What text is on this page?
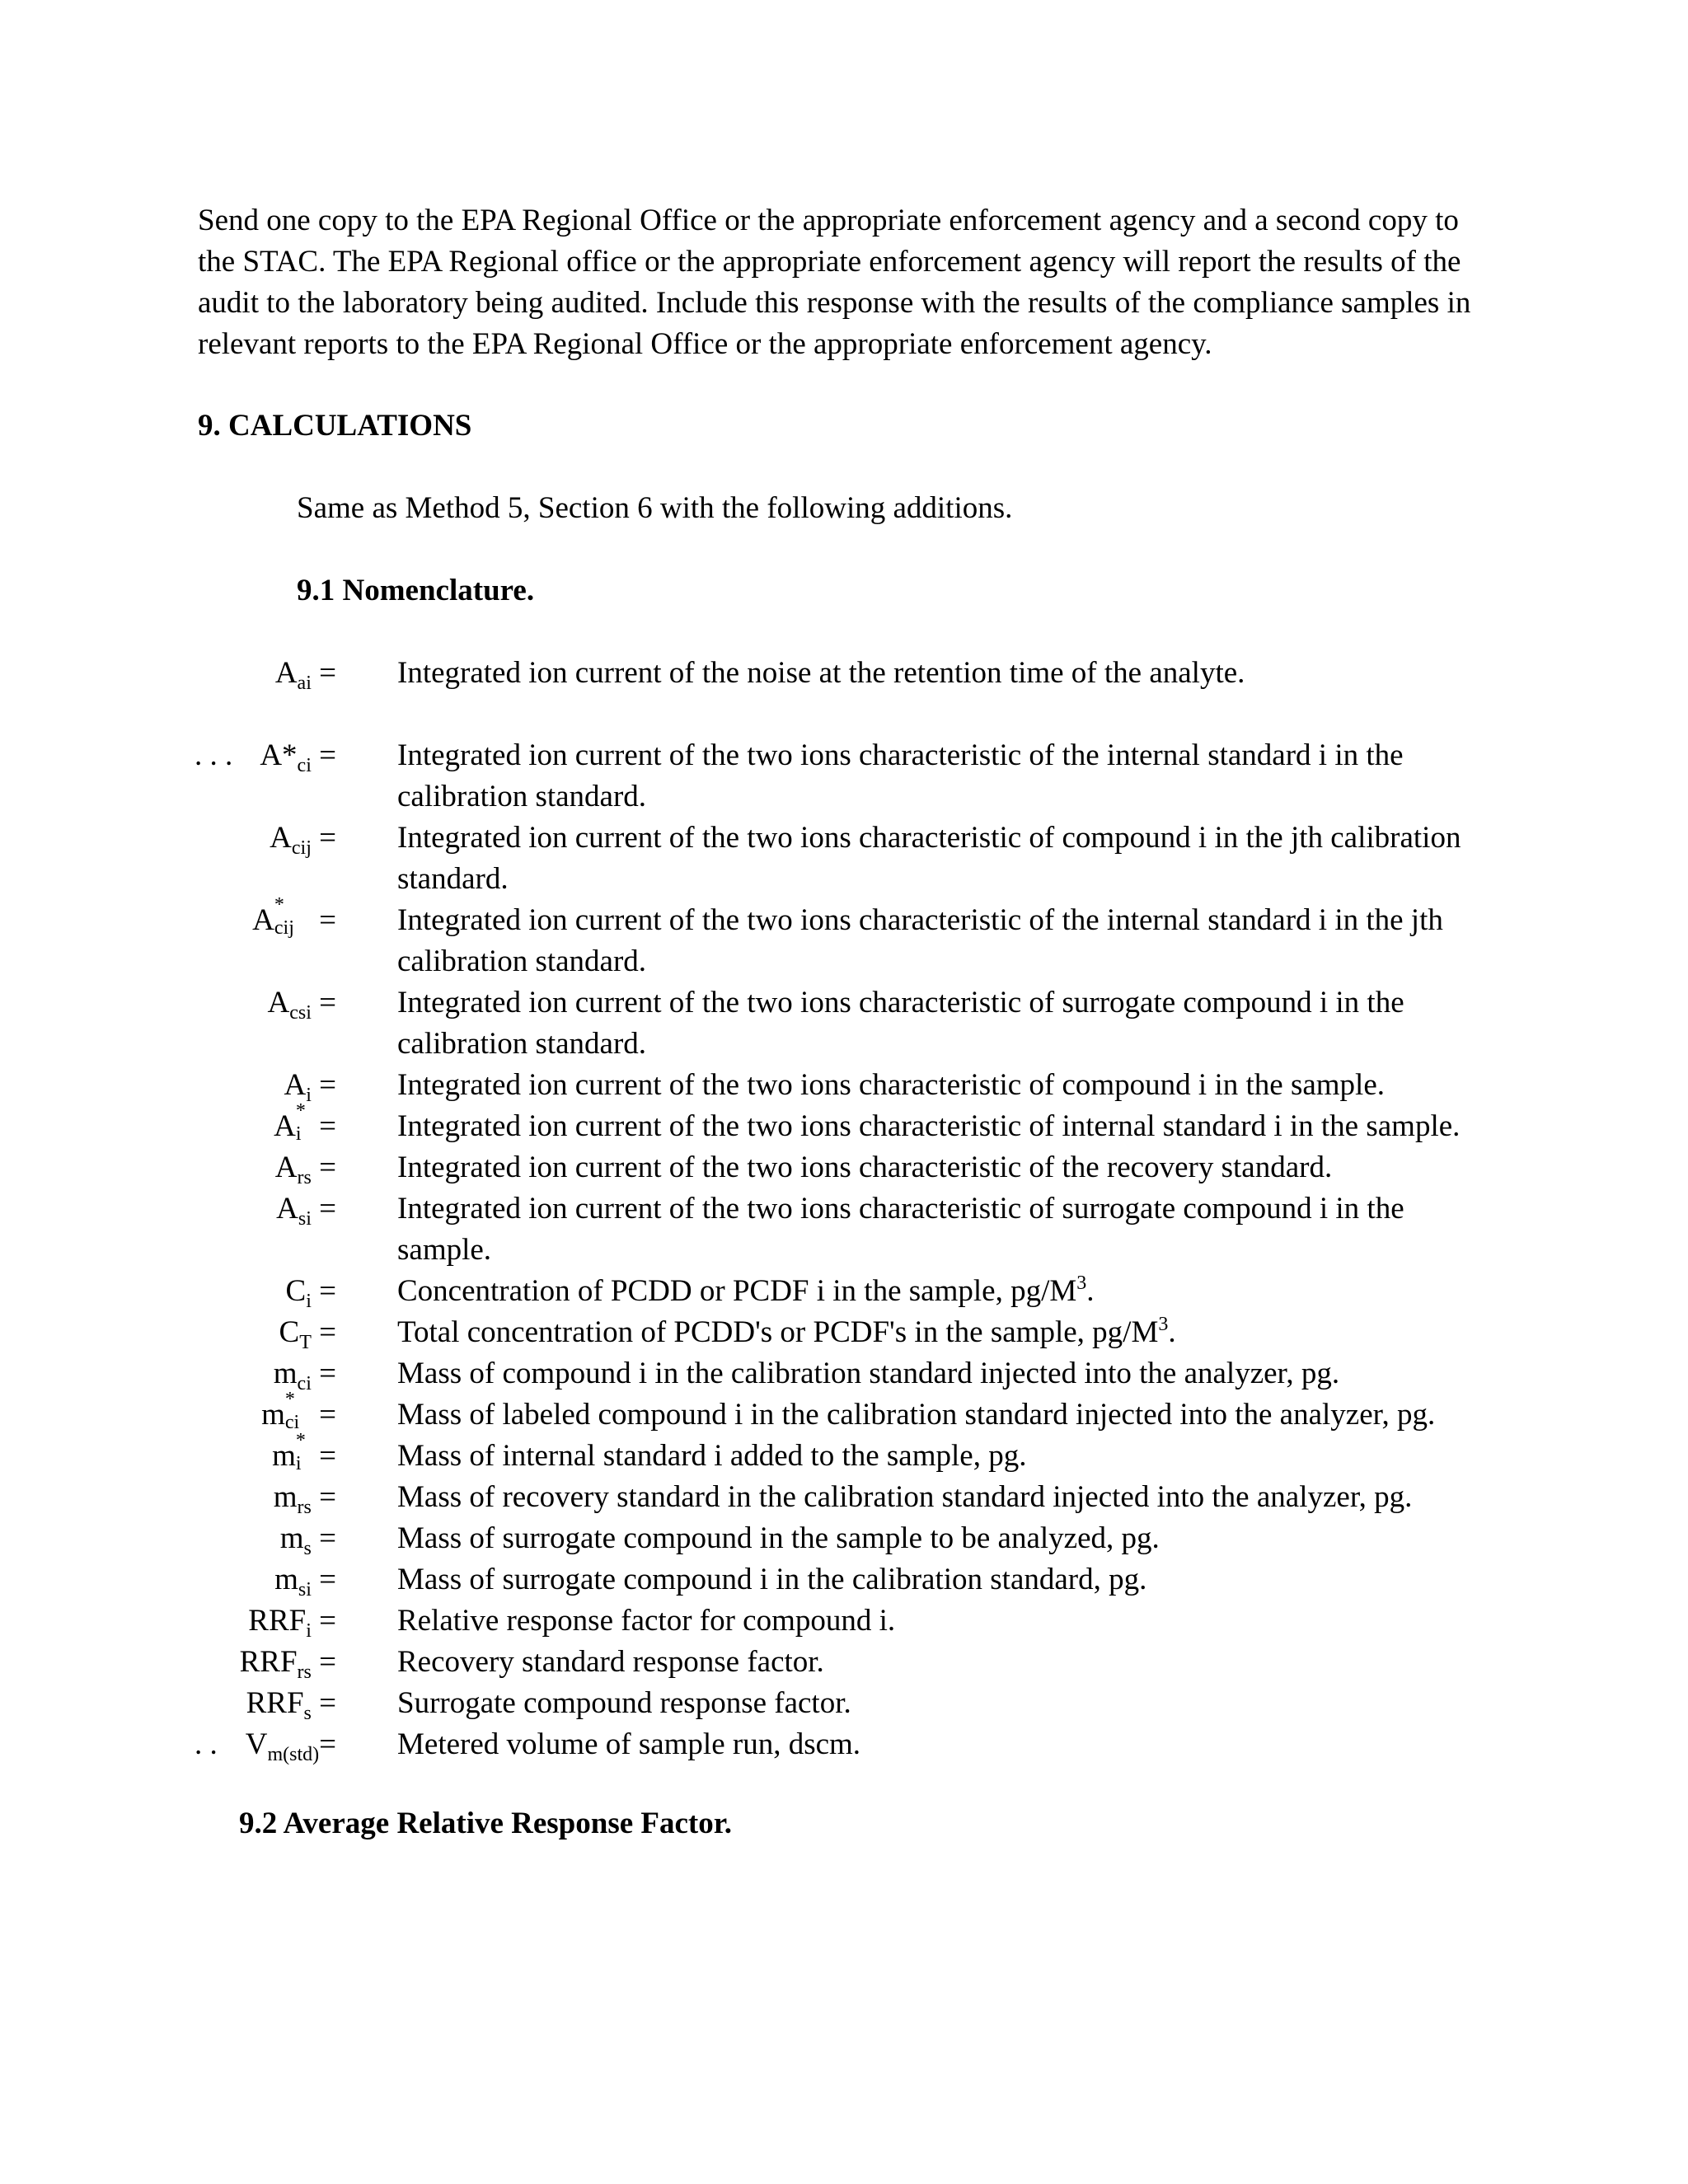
Send one copy to the EPA Regional Office or the appropriate enforcement agency and a second copy to the STAC. The EPA Regional office or the appropriate enforcement agency will report the results of the audit to the laboratory being audited. Include this response with the results of the compliance samples in relevant reports to the EPA Regional Office or the appropriate enforcement agency.

9. CALCULATIONS

Same as Method 5, Section 6 with the following additions.

9.1 Nomenclature.

$A_{ai}$ = Integrated ion current of the noise at the retention time of the analyte.
. . . $A*_{ci}$ = Integrated ion current of the two ions characteristic of the internal standard i in the calibration standard.
$A_{cij}$ = Integrated ion current of the two ions characteristic of compound i in the jth calibration standard.
A *
cij = Integrated ion current of the two ions characteristic of the internal standard i in the jth calibration standard.
$A_{csi}$ = Integrated ion current of the two ions characteristic of surrogate compound i in the calibration standard.
$A_i$ = Integrated ion current of the two ions characteristic of compound i in the sample.
A *
i = Integrated ion current of the two ions characteristic of internal standard i in the sample.
$A_{rs}$ = Integrated ion current of the two ions characteristic of the recovery standard.
$A_{si}$ = Integrated ion current of the two ions characteristic of surrogate compound i in the sample.
$C_i$ = Concentration of PCDD or PCDF i in the sample, $pg/M^3$.
$C_T$ = Total concentration of PCDD's or PCDF's in the sample, $pg/M^3$.
$m_{ci}$ = Mass of compound i in the calibration standard injected into the analyzer, pg.
m *
ci = Mass of labeled compound i in the calibration standard injected into the analyzer, pg.
m *
i = Mass of internal standard i added to the sample, pg.
$m_{rs}$ = Mass of recovery standard in the calibration standard injected into the analyzer, pg.
$m_s$ = Mass of surrogate compound in the sample to be analyzed, pg.
$m_{si}$ = Mass of surrogate compound i in the calibration standard, pg.
$RRF_i$ = Relative response factor for compound i.
$RRF_{rs}$ = Recovery standard response factor.
$RRF_s$ = Surrogate compound response factor.
. . $V_{m(std)}=$ Metered volume of sample run, dscm.

9.2 Average Relative Response Factor.
